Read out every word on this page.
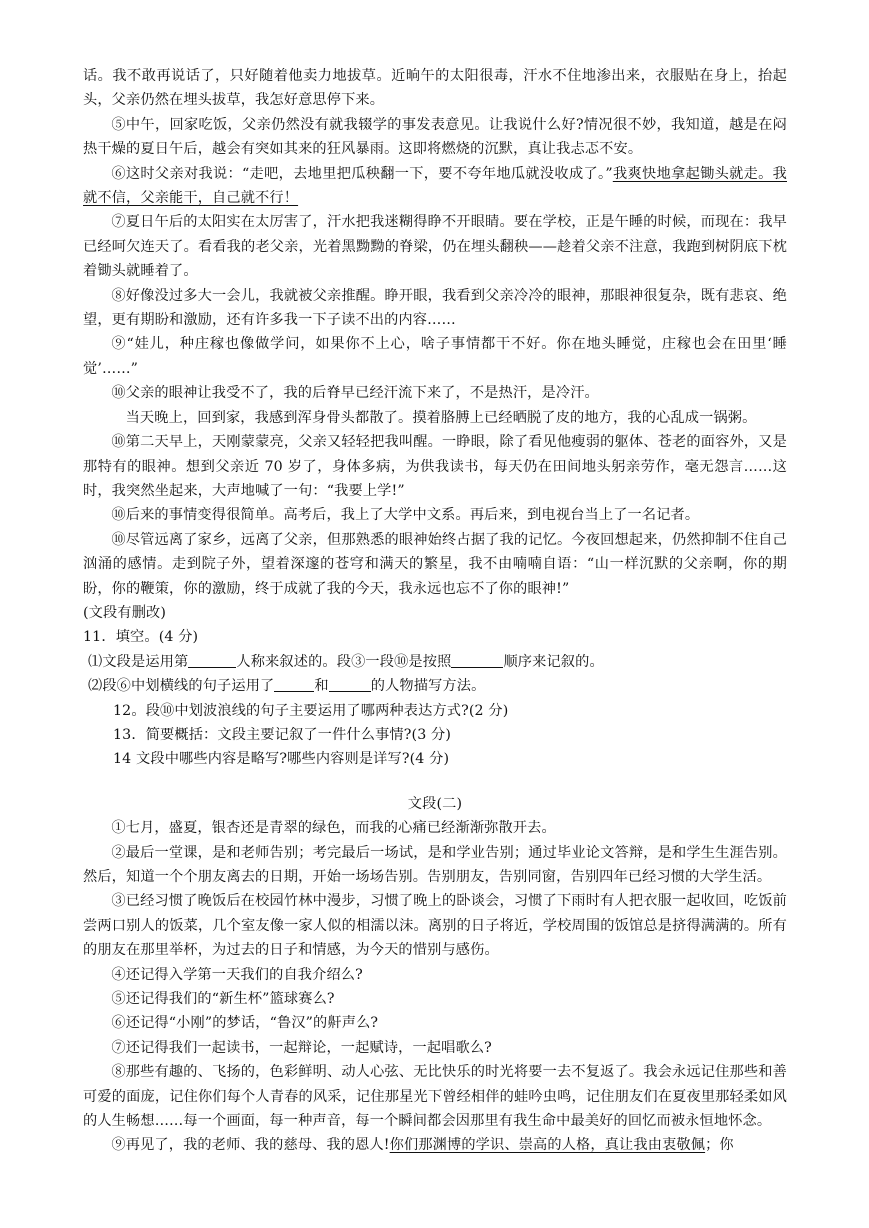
话。我不敢再说话了，只好随着他卖力地拔草。近晌午的太阳很毒，汗水不住地渗出来，衣服贴在身上，抬起头，父亲仍然在埋头拔草，我怎好意思停下来。

⑤中午，回家吃饭，父亲仍然没有就我辍学的事发表意见。让我说什么好?情况很不妙，我知道，越是在闷热干燥的夏日午后，越会有突如其来的狂风暴雨。这即将燃烧的沉默，真让我忐忑不安。

⑥这时父亲对我说：“走吧，去地里把瓜秧翻一下，要不夸年地瓜就没收成了。”我爽快地拿起锄头就走。我就不信，父亲能干，自己就不行！

⑦夏日午后的太阳实在太厉害了，汗水把我迷糊得睁不开眼睛。要在学校，正是午睡的时候，而现在：我早已经呵欠连天了。看看我的老父亲，光着黑黝黝的脊梁，仍在埋头翻秧——趁着父亲不注意，我跑到树阴底下枕着锄头就睡着了。

⑧好像没过多大一会儿，我就被父亲推醒。睁开眼，我看到父亲冷冷的眼神，那眼神很复杂，既有悲哀、绝望，更有期盼和激励，还有许多我一下子读不出的内容……

⑨“娃儿，种庄稼也像做学问，如果你不上心，啥子事情都干不好。你在地头睡觉，庄稼也会在田里‘睡觉’……”

⑩父亲的眼神让我受不了，我的后脊早已经汗流下来了，不是热汗，是冷汗。

当天晚上，回到家，我感到浑身骨头都散了。摸着胳膊上已经晒脱了皮的地方，我的心乱成一锅粥。

⑩第二天早上，天刚蒙蒙亮，父亲又轻轻把我叫醒。一睁眼，除了看见他瘦弱的躯体、苍老的面容外，又是那特有的眼神。想到父亲近 70 岁了，身体多病，为供我读书，每天仍在田间地头躬亲劳作，毫无怨言……这时，我突然坐起来，大声地喊了一句：“我要上学!”

⑩后来的事情变得很简单。高考后，我上了大学中文系。再后来，到电视台当上了一名记者。

⑩尽管远离了家乡，远离了父亲，但那熟悉的眼神始终占据了我的记忆。今夜回想起来，仍然抑制不住自己汹涌的感情。走到院子外，望着深邃的苍穹和满天的繁星，我不由喃喃自语：“山一样沉默的父亲啊，你的期盼，你的鞭策，你的激励，终于成就了我的今天，我永远也忘不了你的眼神!”

(文段有删改)

11．填空。(4 分)

⑴文段是运用第	人称来叙述的。段③一段⑩是按照	顺序来记叙的。

⑵段⑥中划横线的句子运用了	和	的人物描写方法。

12。段⑩中划波浪线的句子主要运用了哪两种表达方式?(2 分)

13．简要概括：文段主要记叙了一件什么事情?(3 分)

14 文段中哪些内容是略写?哪些内容则是详写?(4 分)

文段(二)

①七月，盛夏，银杏还是青翠的绿色，而我的心痛已经渐渐弥散开去。

②最后一堂课，是和老师告别；考完最后一场试，是和学业告别；通过毕业论文答辩，是和学生生涯告别。然后，知道一个个朋友离去的日期，开始一场场告别。告别朋友，告别同窗，告别四年已经习惯的大学生活。

③已经习惯了晚饭后在校园竹林中漫步，习惯了晚上的卧谈会，习惯了下雨时有人把衣服一起收回，吃饭前尝两口别人的饭菜，几个室友像一家人似的相濡以沫。离别的日子将近，学校周围的饭馆总是挤得满满的。所有的朋友在那里举杯，为过去的日子和情感，为今天的惜别与感伤。

④还记得入学第一天我们的自我介绍么?

⑤还记得我们的“新生杯”篮球赛么?

⑥还记得“小刚”的梦话，“鲁汉”的鼾声么?

⑦还记得我们一起读书，一起辩论，一起赋诗，一起唱歌么?

⑧那些有趣的、飞扬的，色彩鲜明、动人心弦、无比快乐的时光将要一去不复返了。我会永远记住那些和善可爱的面庞，记住你们每个人青春的风采，记住那星光下曾经相伴的蛙吟虫鸣，记住朋友们在夏夜里那轻柔如风的人生畅想……每一个画面，每一种声音，每一个瞬间都会因那里有我生命中最美好的回忆而被永恒地怀念。

⑨再见了，我的老师、我的慈母、我的恩人!你们那渊博的学识、崇高的人格，真让我由衷敬佩；你
